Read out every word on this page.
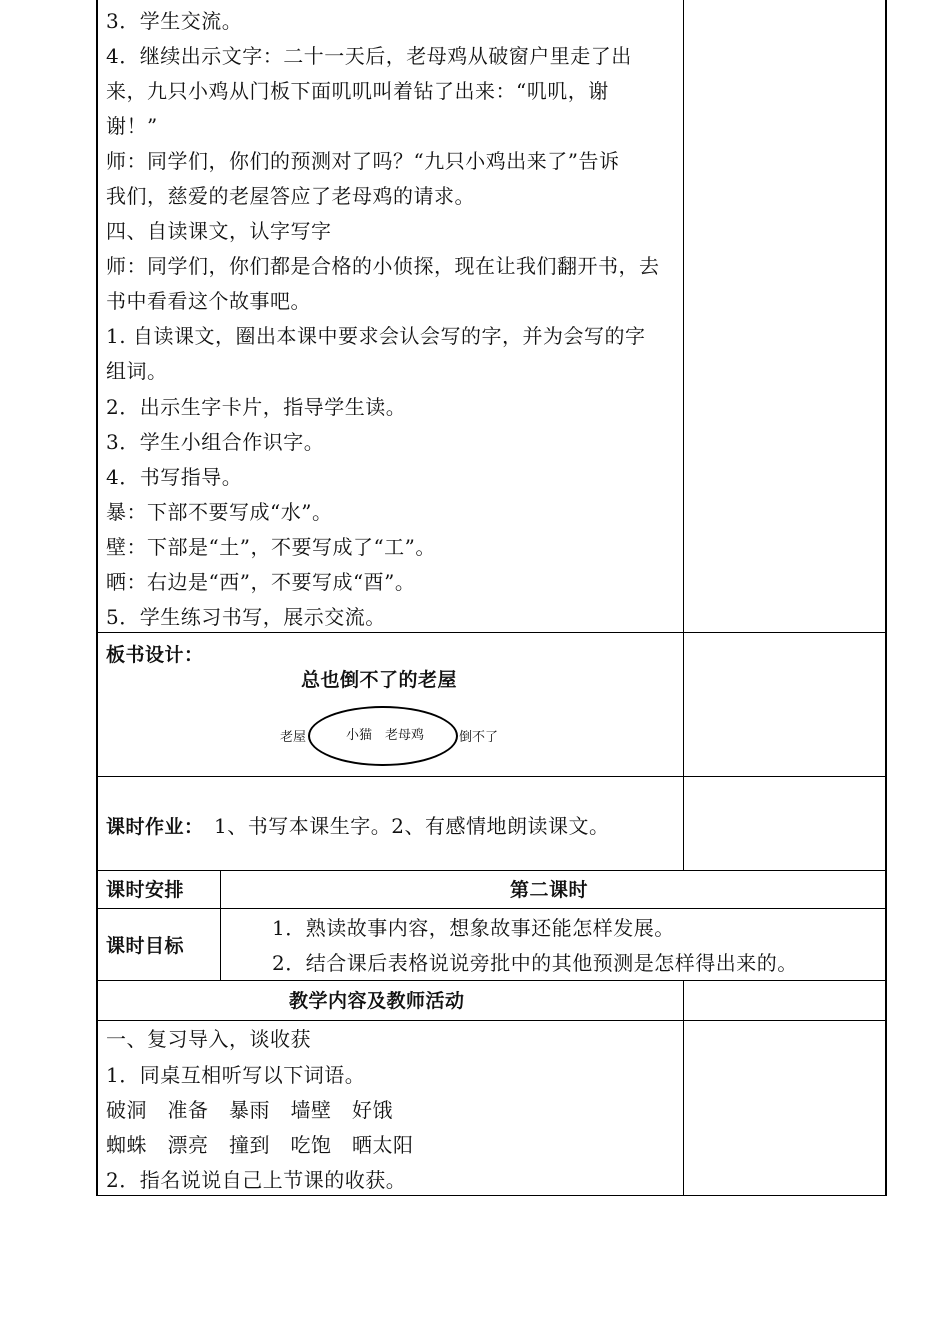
3．学生交流。
4．继续出示文字：二十一天后，老母鸡从破窗户里走了出
来，九只小鸡从门板下面叽叽叫着钻了出来：“叽叽，谢
谢！”
师：同学们，你们的预测对了吗？“九只小鸡出来了”告诉
我们，慈爱的老屋答应了老母鸡的请求。
四、自读课文，认字写字
师：同学们，你们都是合格的小侦探，现在让我们翻开书，去
书中看看这个故事吧。
1. 自读课文，圈出本课中要求会认会写的字，并为会写的字
组词。
2．出示生字卡片，指导学生读。
3．学生小组合作识字。
4．书写指导。
暴：下部不要写成“水”。
壁：下部是“土”，不要写成了“工”。
晒：右边是“西”，不要写成“酉”。
5．学生练习书写，展示交流。
板书设计：
总也倒不了的老屋
老屋	小猫　老母鸡	倒不了
课时作业： 1、书写本课生字。2、有感情地朗读课文。
课时安排	第二课时
课时目标
1．熟读故事内容，想象故事还能怎样发展。
2．结合课后表格说说旁批中的其他预测是怎样得出来的。
教学内容及教师活动
一、复习导入，谈收获
1．同桌互相听写以下词语。
破洞　准备　暴雨　墙壁　好饿
蜘蛛　漂亮　撞到　吃饱　晒太阳
2．指名说说自己上节课的收获。
